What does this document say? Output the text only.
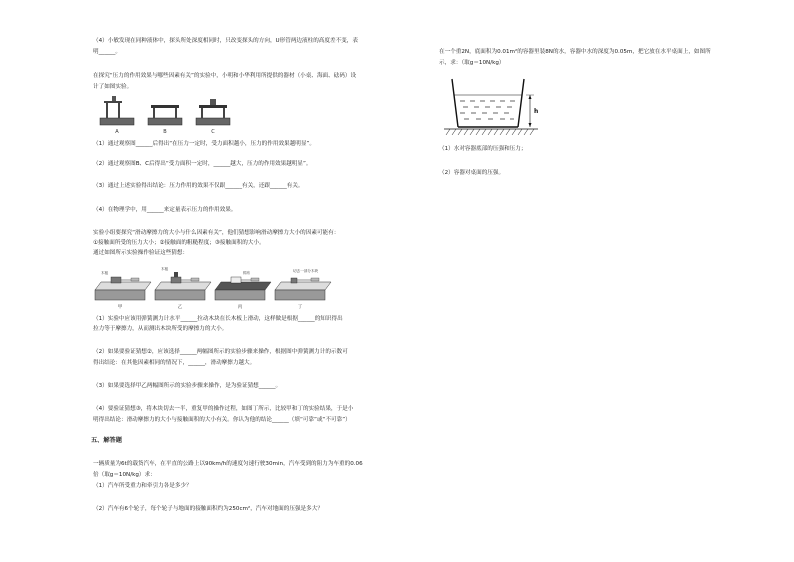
（4）小敏发现在同种液体中，探头所处深度相同时，只改变探头的方向，U形管两边液柱的高度差不变，表
明______。
在探究“压力的作用效果与哪些因素有关”的实验中，小明和小华利用所提供的器材（小桌、海面、砝码）设
计了如图实验。
A	B	C
（1）通过观察图______后得出“在压力一定时，受力面积越小，压力的作用效果越明显”。
（2）通过观察图B、C后得出“受力面积一定时，______越大，压力的作用效果越明显”。
（3）通过上述实验得出结论：压力作用的效果不仅跟______有关，还跟______有关。
（4）在物理学中，用______来定量表示压力的作用效果。
实验小组要探究“滑动摩擦力的大小与什么因素有关”，他们猜想影响滑动摩擦力大小的因素可能有：
①接触面所受的压力大小；②接触面的粗糙程度；③接触面积的大小。
通过如图所示实验操作验证这些猜想：
木板
木板
棉布	切去一部分木块
甲	乙	丙	丁
（1）实验中应该用弹簧测力计水平______拉动木块在长木板上滑动，这样做是根据______的知识得出
拉力等于摩擦力，从而测出木块所受的摩擦力的大小。
（2）如果要验证猜想②，应该选择______两幅图所示的实验步骤来操作，根据图中弹簧测力计的示数可
得出结论：在其他因素相同的情况下，______，滑动摩擦力越大。
（3）如果要选择甲乙两幅图所示的实验步骤来操作，是为验证猜想______。
（4）要验证猜想③，将木块切去一半，重复甲的操作过程，如图丁所示，比较甲和丁的实验结果，于是小
明得出结论：滑动摩擦力的大小与接触面积的大小有关。你认为他的结论______（填“可靠”或“不可靠”）
五、解答题
一辆质量为6t的载货汽车，在平直的公路上以90km/h的速度匀速行驶30min，汽车受到的阻力为车重的0.06
倍（取g＝10N/kg）求：
（1）汽车所受重力和牵引力各是多少？
（2）汽车有6个轮子，每个轮子与地面的接触面积约为250cm²，汽车对地面的压强是多大？
在一个重2N，底面积为0.01m²的容器里装8N的水，容器中水的深度为0.05m，把它放在水平桌面上，如图所
示，求：（取g＝10N/kg）
h
（1）水对容器底部的压强和压力；
（2）容器对桌面的压强。
